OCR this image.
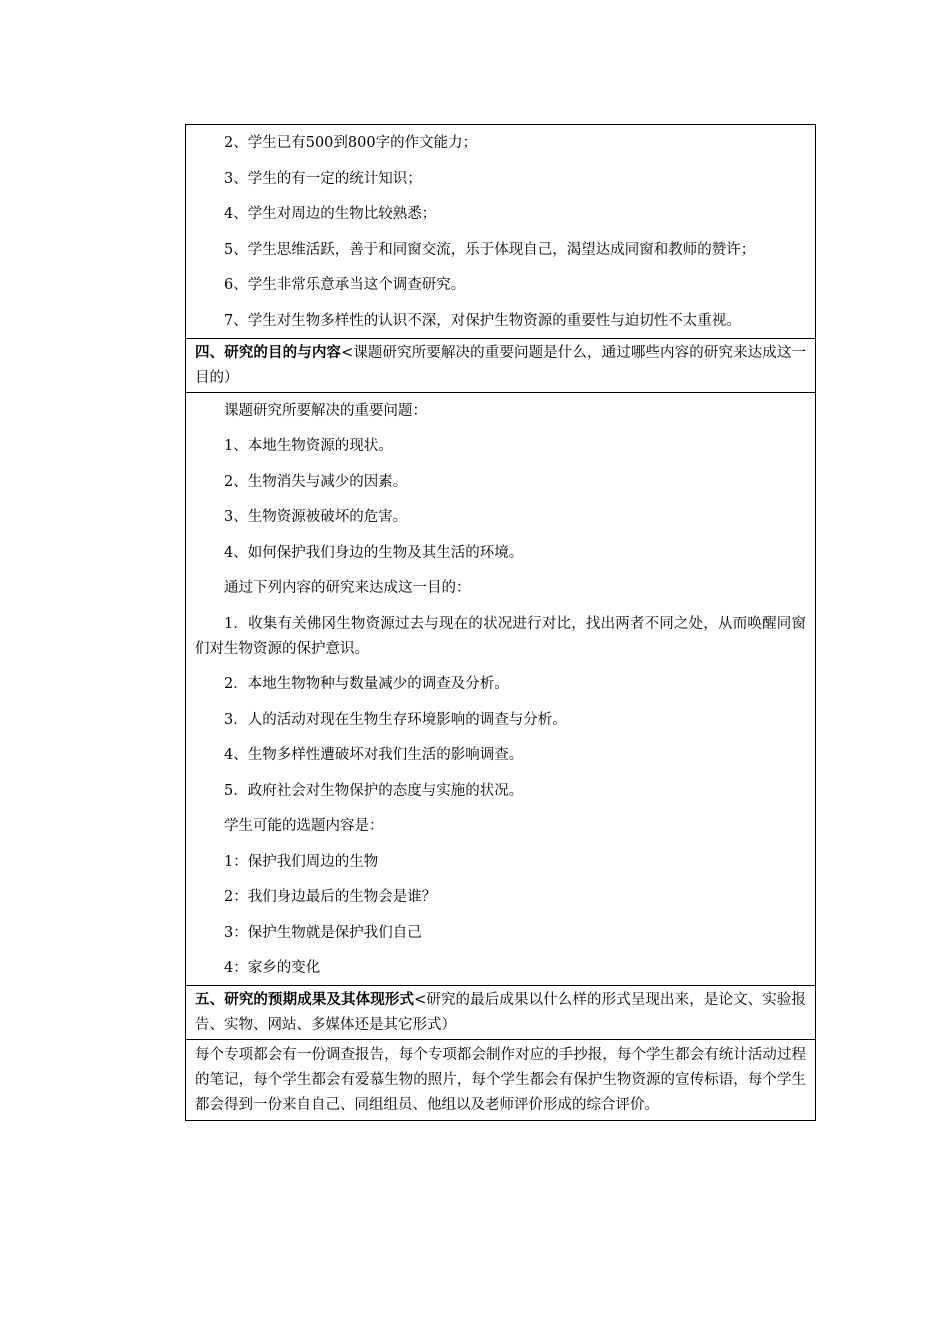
2、学生已有500到800字的作文能力；

3、学生的有一定的统计知识；

4、学生对周边的生物比较熟悉；

5、学生思维活跃，善于和同窗交流，乐于体现自己，渴望达成同窗和教师的赞许；

6、学生非常乐意承当这个调查研究。

7、学生对生物多样性的认识不深，对保护生物资源的重要性与迫切性不太重视。

四、研究的目的与内容<课题研究所要解决的重要问题是什么，通过哪些内容的研究来达成这一目的）

课题研究所要解决的重要问题：

1、本地生物资源的现状。

2、生物消失与减少的因素。

3、生物资源被破坏的危害。

4、如何保护我们身边的生物及其生活的环境。

通过下列内容的研究来达成这一目的：

1．收集有关佛冈生物资源过去与现在的状况进行对比，找出两者不同之处，从而唤醒同窗们对生物资源的保护意识。

2．本地生物物种与数量减少的调查及分析。

3．人的活动对现在生物生存环境影响的调查与分析。

4、生物多样性遭破坏对我们生活的影响调查。

5．政府社会对生物保护的态度与实施的状况。

学生可能的选题内容是：

1：保护我们周边的生物

2：我们身边最后的生物会是谁？

3：保护生物就是保护我们自己

4：家乡的变化

五、研究的预期成果及其体现形式<研究的最后成果以什么样的形式呈现出来，是论文、实验报告、实物、网站、多媒体还是其它形式）

每个专项都会有一份调查报告，每个专项都会制作对应的手抄报，每个学生都会有统计活动过程的笔记，每个学生都会有爱慕生物的照片，每个学生都会有保护生物资源的宣传标语，每个学生都会得到一份来自自己、同组组员、他组以及老师评价形成的综合评价。
